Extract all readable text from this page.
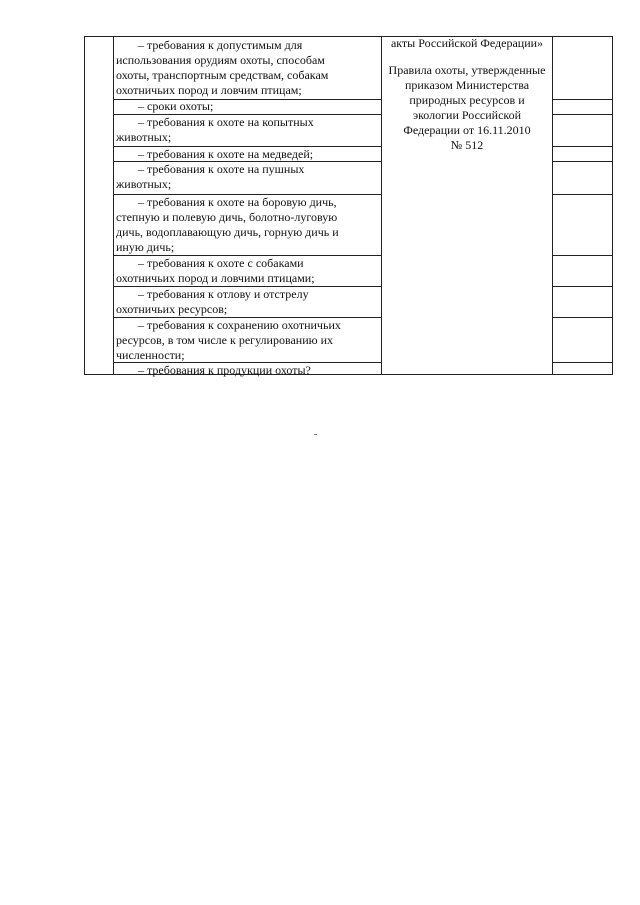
– требования к допустимым для
использования орудиям охоты, способам
охоты, транспортным средствам, собакам
охотничьих пород и ловчим птицам;
– сроки охоты;
– требования к охоте на копытных
животных;
– требования к охоте на медведей;
– требования к охоте на пушных
животных;
– требования к охоте на боровую дичь,
степную и полевую дичь, болотно-луговую
дичь, водоплавающую дичь, горную дичь и
иную дичь;
– требования к охоте с собаками
охотничьих пород и ловчими птицами;
– требования к отлову и отстрелу
охотничьих ресурсов;
– требования к сохранению охотничьих
ресурсов, в том числе к регулированию их
численности;
– требования к продукции охоты?
акты Российской Федерации»
Правила охоты, утвержденные
приказом Министерства
природных ресурсов и
экологии Российской
Федерации от 16.11.2010
№ 512
